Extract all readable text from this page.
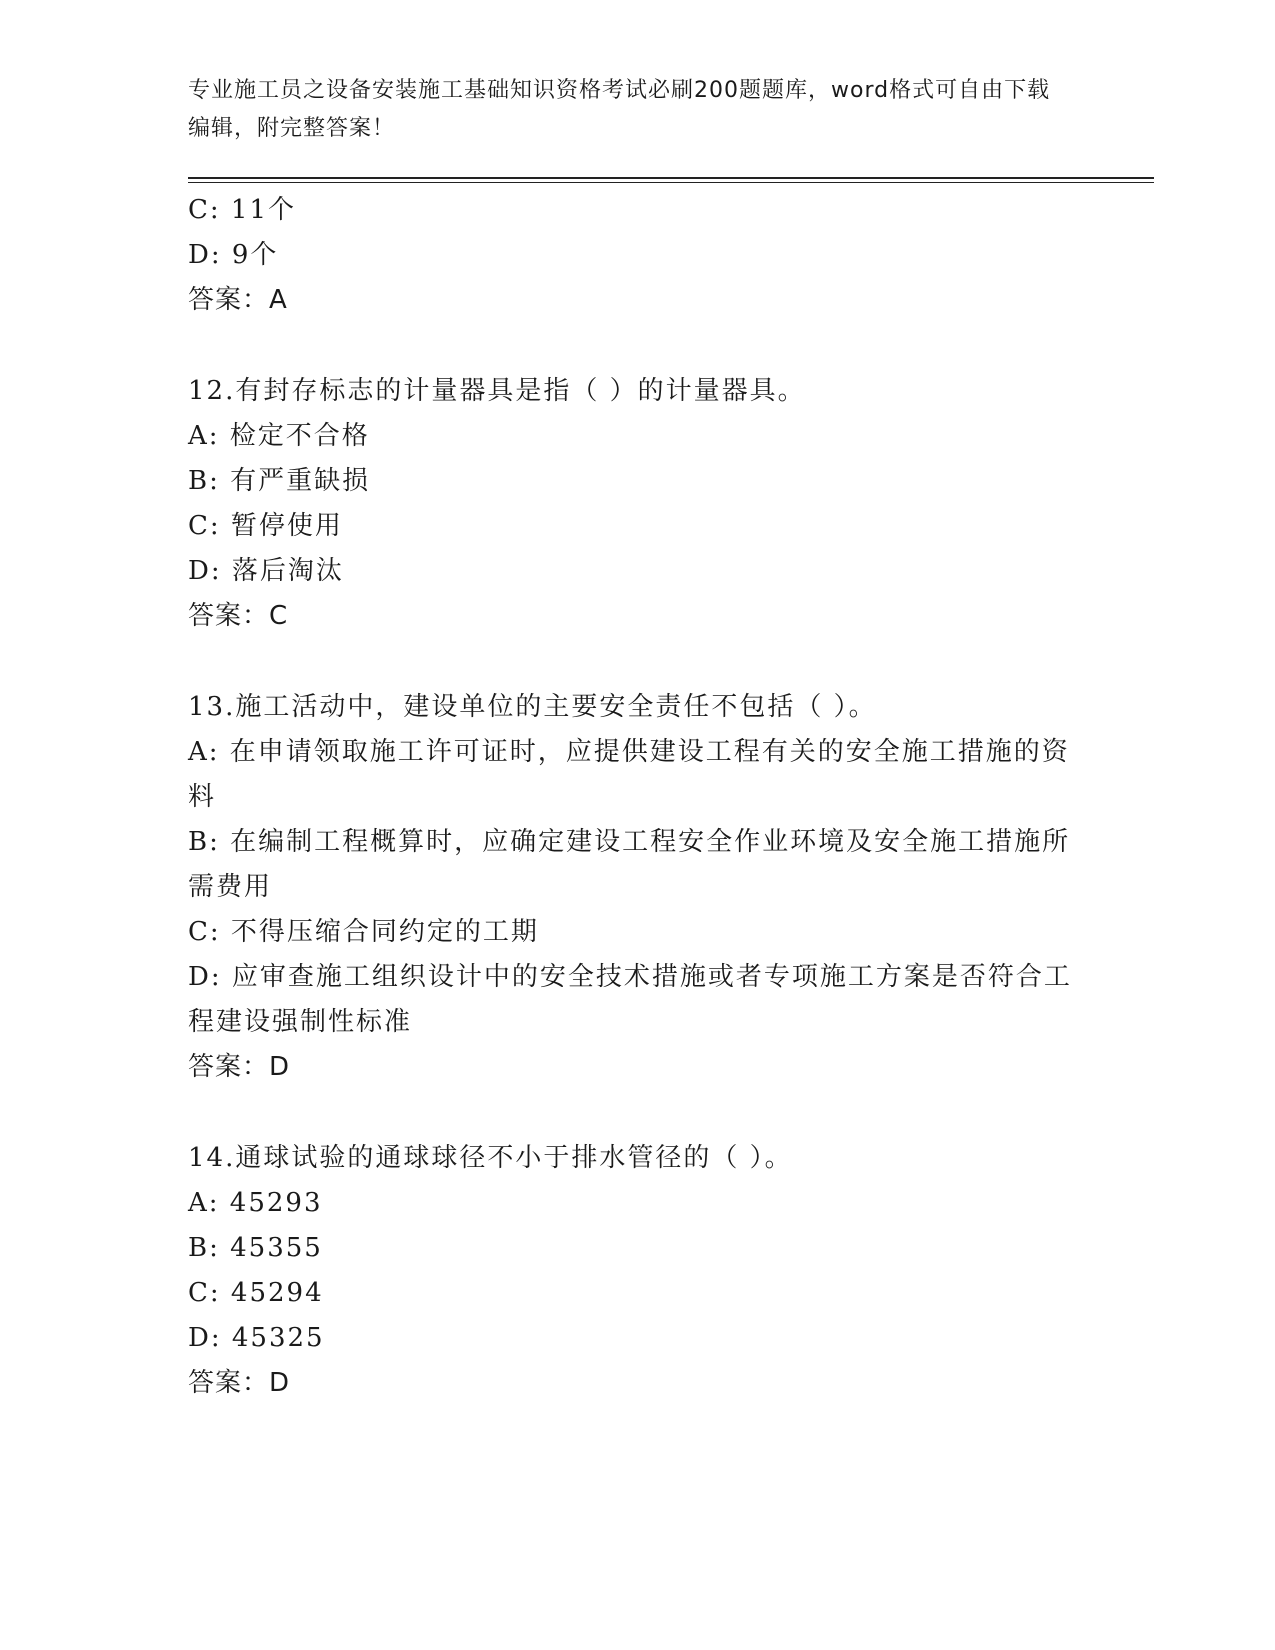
专业施工员之设备安装施工基础知识资格考试必刷200题题库，word格式可自由下载编辑，附完整答案！
C: 11个
D: 9个
答案：A
12.有封存标志的计量器具是指（ ）的计量器具。
A: 检定不合格
B: 有严重缺损
C: 暂停使用
D: 落后淘汰
答案：C
13.施工活动中，建设单位的主要安全责任不包括（ ）。
A: 在申请领取施工许可证时，应提供建设工程有关的安全施工措施的资料
B: 在编制工程概算时，应确定建设工程安全作业环境及安全施工措施所需费用
C: 不得压缩合同约定的工期
D: 应审查施工组织设计中的安全技术措施或者专项施工方案是否符合工程建设强制性标准
答案：D
14.通球试验的通球球径不小于排水管径的（ ）。
A: 45293
B: 45355
C: 45294
D: 45325
答案：D
